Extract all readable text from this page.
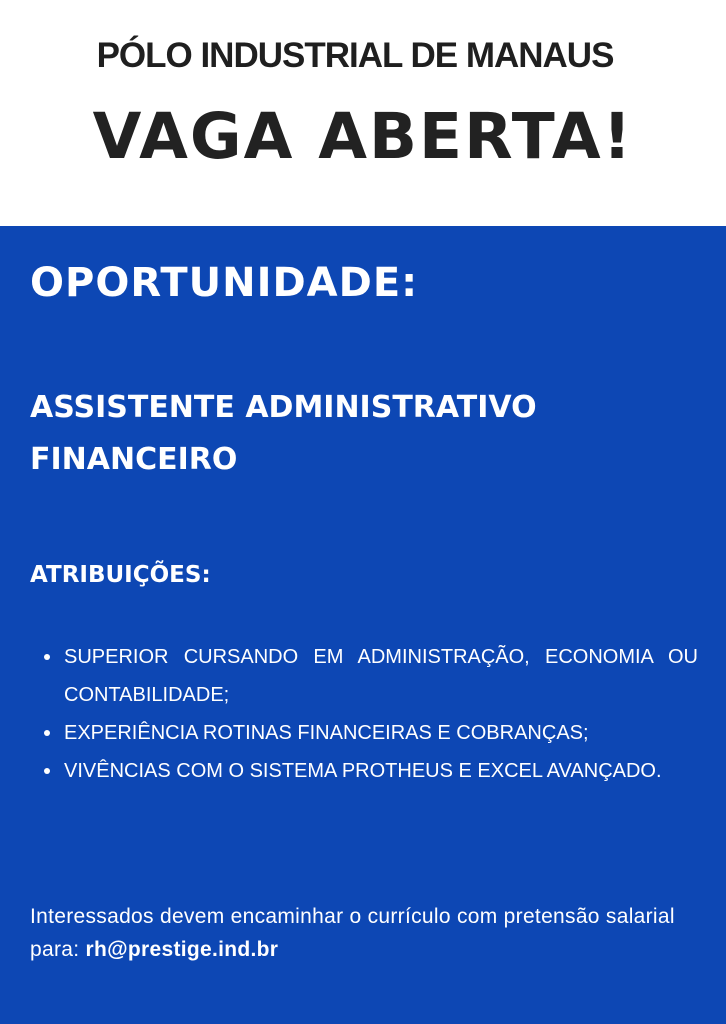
PÓLO INDUSTRIAL DE MANAUS
VAGA ABERTA!
OPORTUNIDADE:
ASSISTENTE ADMINISTRATIVO
FINANCEIRO
ATRIBUIÇÕES:
SUPERIOR CURSANDO EM ADMINISTRAÇÃO, ECONOMIA OU CONTABILIDADE;
EXPERIÊNCIA ROTINAS FINANCEIRAS E COBRANÇAS;
VIVÊNCIAS COM O SISTEMA PROTHEUS E EXCEL AVANÇADO.
Interessados devem encaminhar o currículo com pretensão salarial para: rh@prestige.ind.br
